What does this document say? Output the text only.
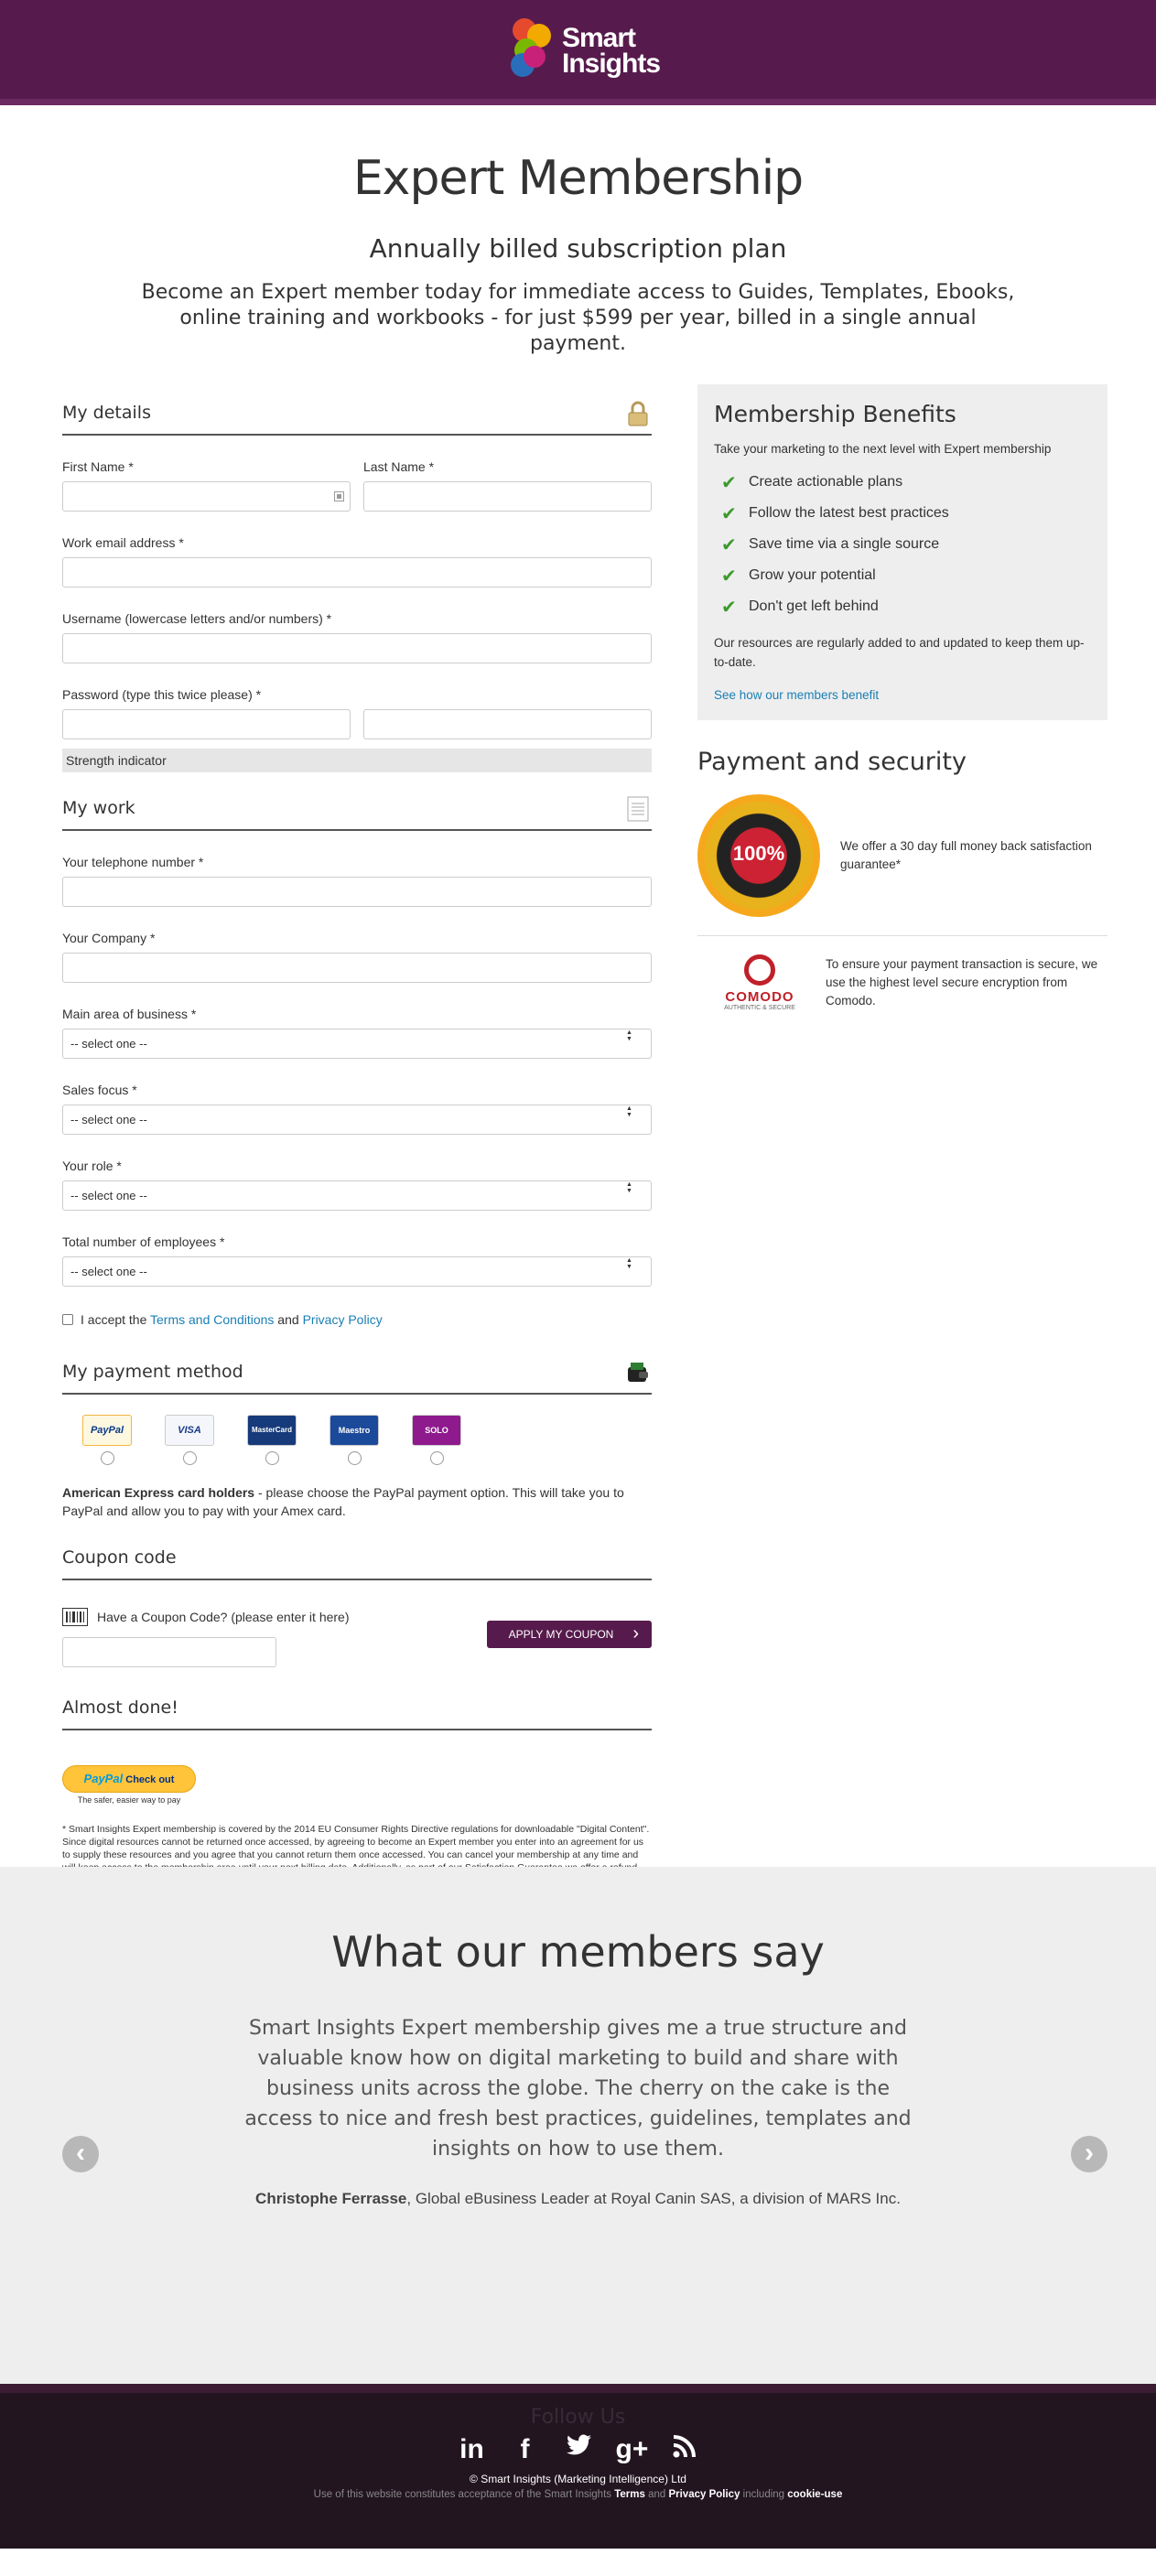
Smart
Insights
Expert Membership
Annually billed subscription plan

Become an Expert member today for immediate access to Guides, Templates, Ebooks, online training and workbooks - for just $599 per year, billed in a single annual payment.

My details
First Name *	Last Name *
Work email address *
Username (lowercase letters and/or numbers) *
Password (type this twice please) *
Strength indicator
My work
Your telephone number *
Your Company *
Main area of business *
-- select one -- ▲▼
Sales focus *
-- select one -- ▲▼
Your role *
-- select one -- ▲▼
Total number of employees *
-- select one -- ▲▼
I accept the Terms and Conditions and Privacy Policy
My payment method
PayPal	VISA	MasterCard	Maestro	SOLO

American Express card holders - please choose the PayPal payment option. This will take you to PayPal and allow you to pay with your Amex card.

Coupon code
Have a Coupon Code? (please enter it here)
APPLY MY COUPON ›
Almost done!
PayPal Check out
The safer, easier way to pay

* Smart Insights Expert membership is covered by the 2014 EU Consumer Rights Directive regulations for downloadable "Digital Content". Since digital resources cannot be returned once accessed, by agreeing to become an Expert member you enter into an agreement for us to supply these resources and you agree that you cannot return them once accessed. You can cancel your membership at any time and

Membership Benefits

Take your marketing to the next level with Expert membership

✔ Create actionable plans
✔ Follow the latest best practices
✔ Save time via a single source
✔ Grow your potential
✔ Don't get left behind

Our resources are regularly added to and updated to keep them up-to-date.

See how our members benefit
Payment and security
100%	We offer a 30 day full money back satisfaction guarantee*

COMODO
AUTHENTIC & SECURE

To ensure your payment transaction is secure, we use the highest level secure encryption from Comodo.

What our members say

Smart Insights Expert membership gives me a true structure and valuable know how on digital marketing to build and share with business units across the globe. The cherry on the cake is the access to nice and fresh best practices, guidelines, templates and insights on how to use them.

Christophe Ferrasse, Global eBusiness Leader at Royal Canin SAS, a division of MARS Inc.

‹	›
Follow Us
in	f	g+
© Smart Insights (Marketing Intelligence) Ltd
Use of this website constitutes acceptance of the Smart Insights Terms and Privacy Policy including cookie-use
